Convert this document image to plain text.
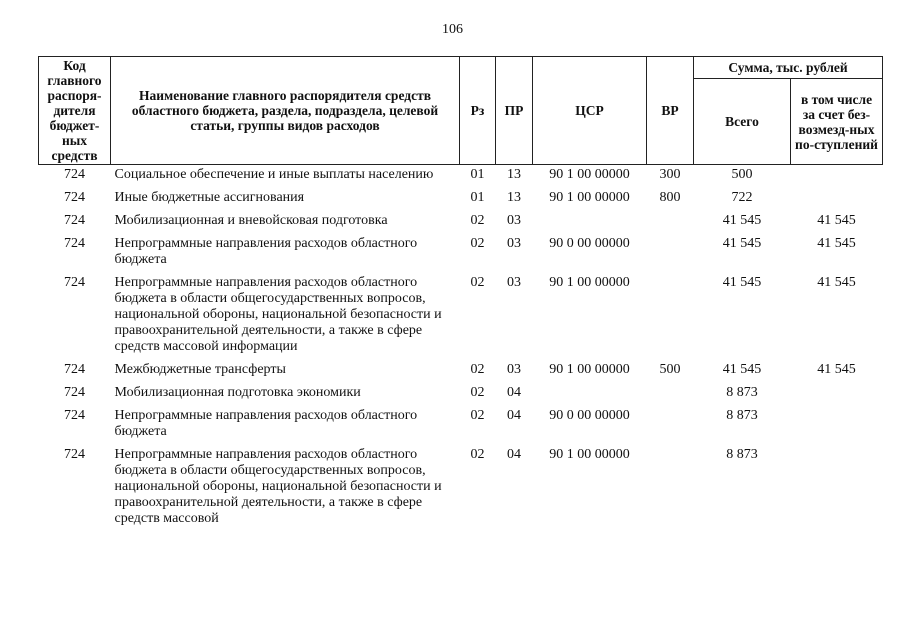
106
Код главного распоря-дителя бюджет-ных средств	Наименование главного распорядителя средств областного бюджета, раздела, подраздела, целевой статьи, группы видов расходов	Рз	ПР	ЦСР	ВР	Сумма, тыс. рублей	
						Всего	в том числе за счет без-возмезд-ных по-ступлений
724	Социальное обеспечение и иные выплаты населению	01	13	90 1 00 00000	300	500	
724	Иные бюджетные ассигнования	01	13	90 1 00 00000	800	722	
724	Мобилизационная и вневойсковая подготовка	02	03			41 545	41 545
724	Непрограммные направления расходов областного бюджета	02	03	90 0 00 00000		41 545	41 545
724	Непрограммные направления расходов областного бюджета в области общегосударственных вопросов, национальной обороны, национальной безопасности и правоохранительной деятельности, а также в сфере средств массовой информации	02	03	90 1 00 00000		41 545	41 545
724	Межбюджетные трансферты	02	03	90 1 00 00000	500	41 545	41 545
724	Мобилизационная подготовка экономики	02	04			8 873	
724	Непрограммные направления расходов областного бюджета	02	04	90 0 00 00000		8 873	
724	Непрограммные направления расходов областного бюджета в области общегосударственных вопросов, национальной обороны, национальной безопасности и правоохранительной деятельности, а также в сфере средств массовой	02	04	90 1 00 00000		8 873	
